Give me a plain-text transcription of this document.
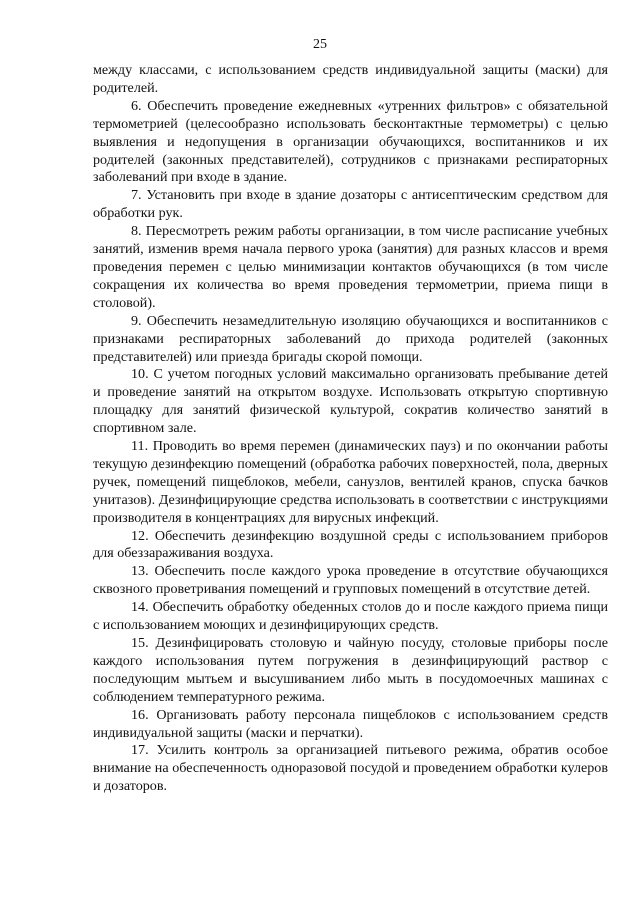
25

между классами, с использованием средств индивидуальной защиты (маски) для родителей.

6. Обеспечить проведение ежедневных «утренних фильтров» с обязательной термометрией (целесообразно использовать бесконтактные термометры) с целью выявления и недопущения в организации обучающихся, воспитанников и их родителей (законных представителей), сотрудников с признаками респираторных заболеваний при входе в здание.

7. Установить при входе в здание дозаторы с антисептическим средством для обработки рук.

8. Пересмотреть режим работы организации, в том числе расписание учебных занятий, изменив время начала первого урока (занятия) для разных классов и время проведения перемен с целью минимизации контактов обучающихся (в том числе сокращения их количества во время проведения термометрии, приема пищи в столовой).

9. Обеспечить незамедлительную изоляцию обучающихся и воспитанников с признаками респираторных заболеваний до прихода родителей (законных представителей) или приезда бригады скорой помощи.

10. С учетом погодных условий максимально организовать пребывание детей и проведение занятий на открытом воздухе. Использовать открытую спортивную площадку для занятий физической культурой, сократив количество занятий в спортивном зале.

11. Проводить во время перемен (динамических пауз) и по окончании работы текущую дезинфекцию помещений (обработка рабочих поверхностей, пола, дверных ручек, помещений пищеблоков, мебели, санузлов, вентилей кранов, спуска бачков унитазов). Дезинфицирующие средства использовать в соответствии с инструкциями производителя в концентрациях для вирусных инфекций.

12. Обеспечить дезинфекцию воздушной среды с использованием приборов для обеззараживания воздуха.

13. Обеспечить после каждого урока проведение в отсутствие обучающихся сквозного проветривания помещений и групповых помещений в отсутствие детей.

14. Обеспечить обработку обеденных столов до и после каждого приема пищи с использованием моющих и дезинфицирующих средств.

15. Дезинфицировать столовую и чайную посуду, столовые приборы после каждого использования путем погружения в дезинфицирующий раствор с последующим мытьем и высушиванием либо мыть в посудомоечных машинах с соблюдением температурного режима.

16. Организовать работу персонала пищеблоков с использованием средств индивидуальной защиты (маски и перчатки).

17. Усилить контроль за организацией питьевого режима, обратив особое внимание на обеспеченность одноразовой посудой и проведением обработки кулеров и дозаторов.
